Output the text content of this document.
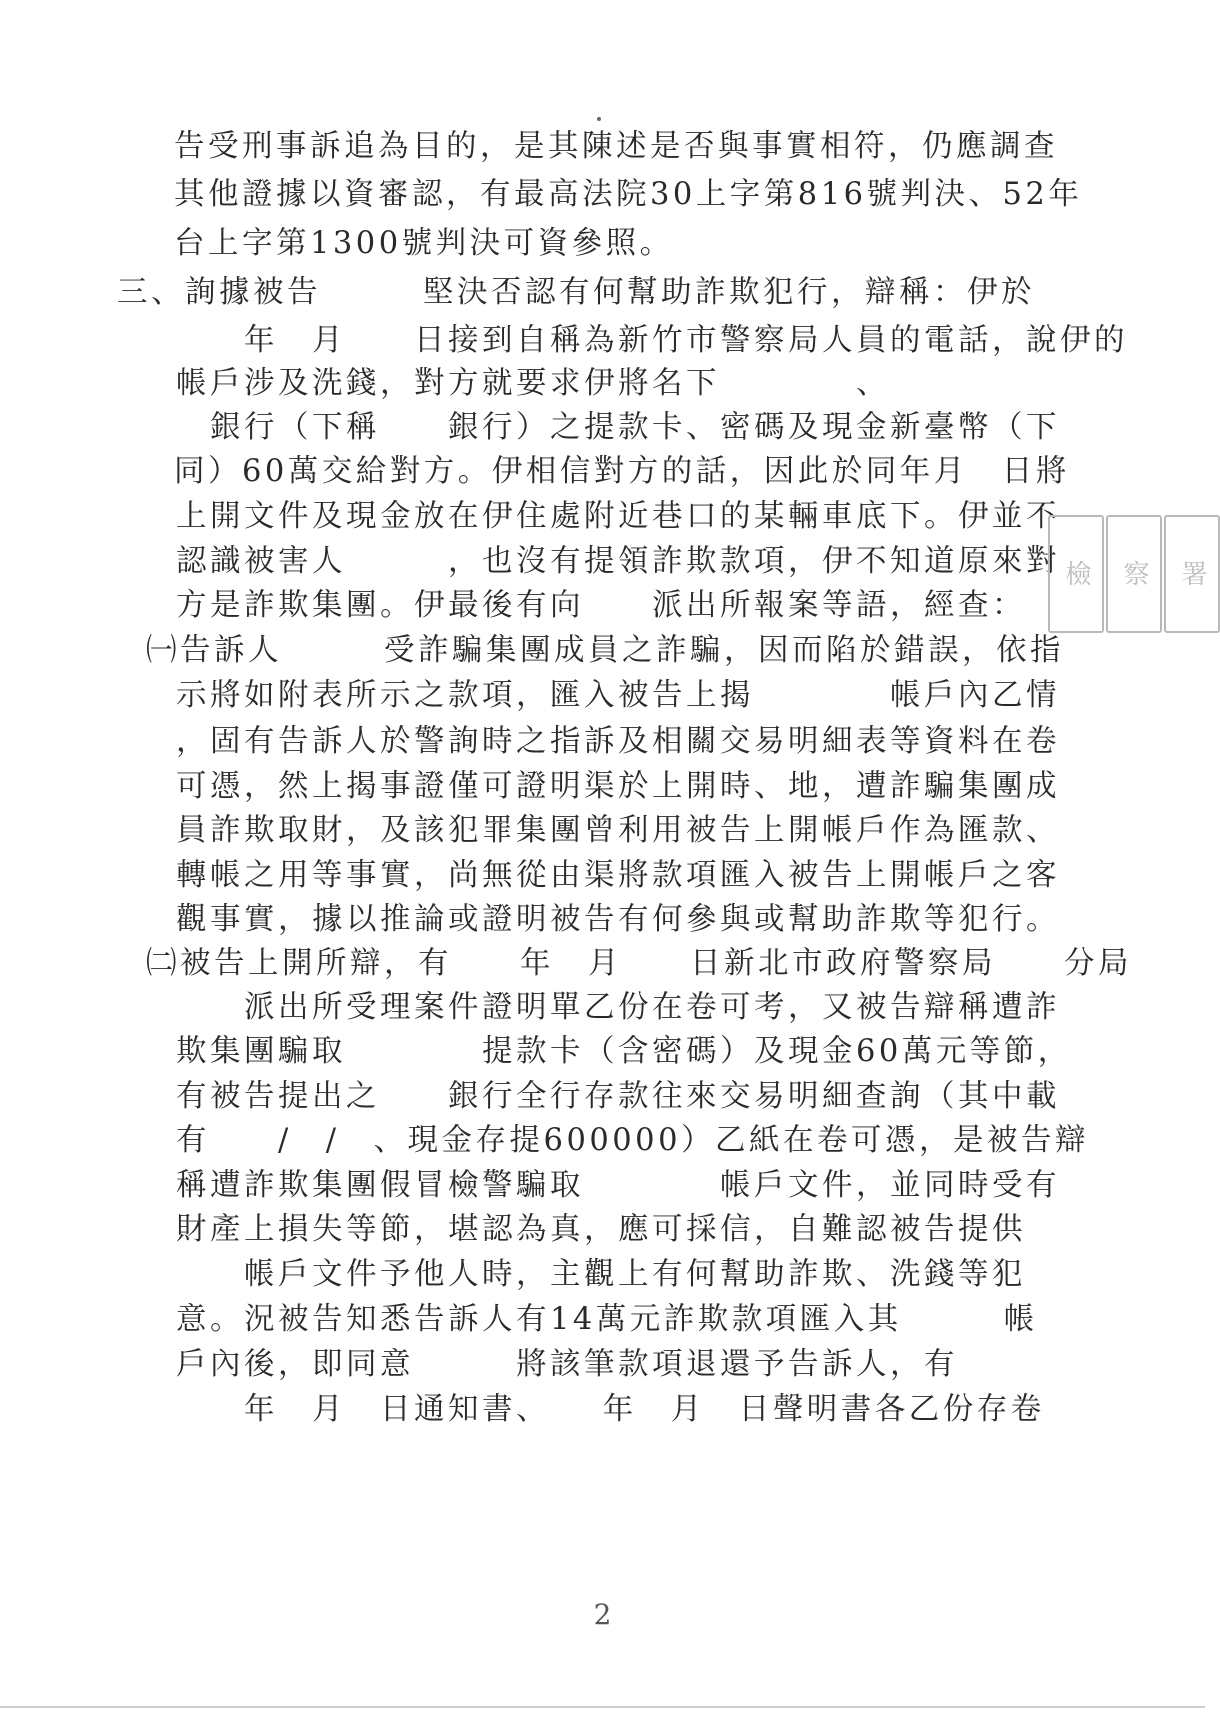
告受刑事訴追為目的，是其陳述是否與事實相符，仍應調查
其他證據以資審認，有最高法院30上字第816號判決、52年
台上字第1300號判決可資參照。
三、詢據被告　　　堅決否認有何幫助詐欺犯行，辯稱：伊於
　　年　月　　日接到自稱為新竹市警察局人員的電話，說伊的
帳戶涉及洗錢，對方就要求伊將名下　　　　、
　銀行（下稱　　銀行）之提款卡、密碼及現金新臺幣（下
同）60萬交給對方。伊相信對方的話，因此於同年月　日將
上開文件及現金放在伊住處附近巷口的某輛車底下。伊並不
認識被害人　　　，也沒有提領詐欺款項，伊不知道原來對
方是詐欺集團。伊最後有向　　派出所報案等語，經查：
㈠告訴人　　　受詐騙集團成員之詐騙，因而陷於錯誤，依指
示將如附表所示之款項，匯入被告上揭　　　　帳戶內乙情
，固有告訴人於警詢時之指訴及相關交易明細表等資料在卷
可憑，然上揭事證僅可證明渠於上開時、地，遭詐騙集團成
員詐欺取財，及該犯罪集團曾利用被告上開帳戶作為匯款、
轉帳之用等事實，尚無從由渠將款項匯入被告上開帳戶之客
觀事實，據以推論或證明被告有何參與或幫助詐欺等犯行。
㈡被告上開所辯，有　　年　月　　日新北市政府警察局　　分局
　　派出所受理案件證明單乙份在卷可考，又被告辯稱遭詐
欺集團騙取　　　　提款卡（含密碼）及現金60萬元等節，
有被告提出之　　銀行全行存款往來交易明細查詢（其中載
有　　/　/　、現金存提600000）乙紙在卷可憑，是被告辯
稱遭詐欺集團假冒檢警騙取　　　　帳戶文件，並同時受有
財產上損失等節，堪認為真，應可採信，自難認被告提供
　　帳戶文件予他人時，主觀上有何幫助詐欺、洗錢等犯
意。況被告知悉告訴人有14萬元詐欺款項匯入其　　　帳
戶內後，即同意　　　將該筆款項退還予告訴人，有
　　年　月　日通知書、　　年　月　日聲明書各乙份存卷
檢	察	署
2
